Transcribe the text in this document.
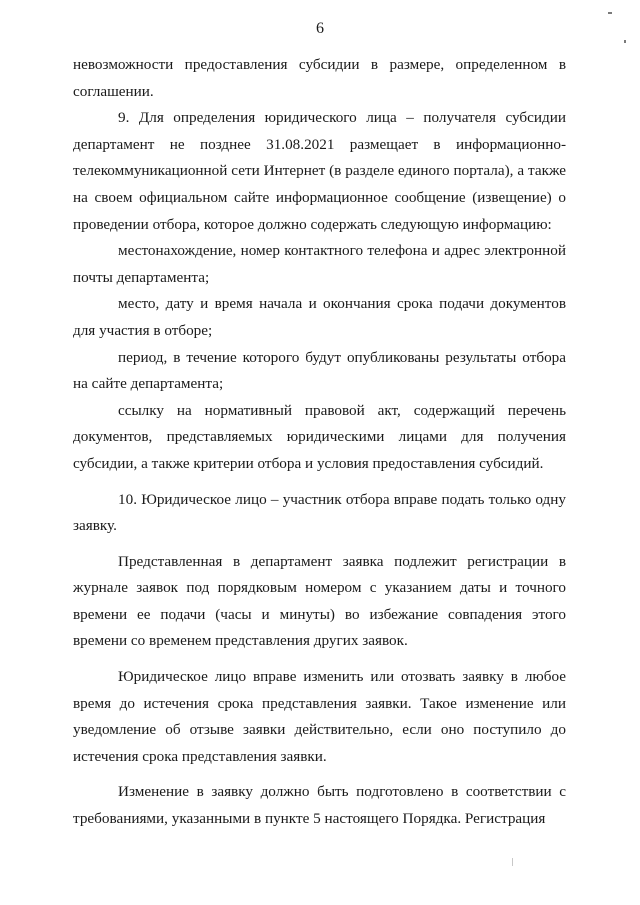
6

невозможности предоставления субсидии в размере, определенном в соглашении.

9. Для определения юридического лица – получателя субсидии департамент не позднее 31.08.2021 размещает в информационно-телекоммуникационной сети Интернет (в разделе единого портала), а также на своем официальном сайте информационное сообщение (извещение) о проведении отбора, которое должно содержать следующую информацию:

местонахождение, номер контактного телефона и адрес электронной почты департамента;

место, дату и время начала и окончания срока подачи документов для участия в отборе;

период, в течение которого будут опубликованы результаты отбора на сайте департамента;

ссылку на нормативный правовой акт, содержащий перечень документов, представляемых юридическими лицами для получения субсидии, а также критерии отбора и условия предоставления субсидий.

10. Юридическое лицо – участник отбора вправе подать только одну заявку.

Представленная в департамент заявка подлежит регистрации в журнале заявок под порядковым номером с указанием даты и точного времени ее подачи (часы и минуты) во избежание совпадения этого времени со временем представления других заявок.

Юридическое лицо вправе изменить или отозвать заявку в любое время до истечения срока представления заявки. Такое изменение или уведомление об отзыве заявки действительно, если оно поступило до истечения срока представления заявки.

Изменение в заявку должно быть подготовлено в соответствии с требованиями, указанными в пункте 5 настоящего Порядка. Регистрация
